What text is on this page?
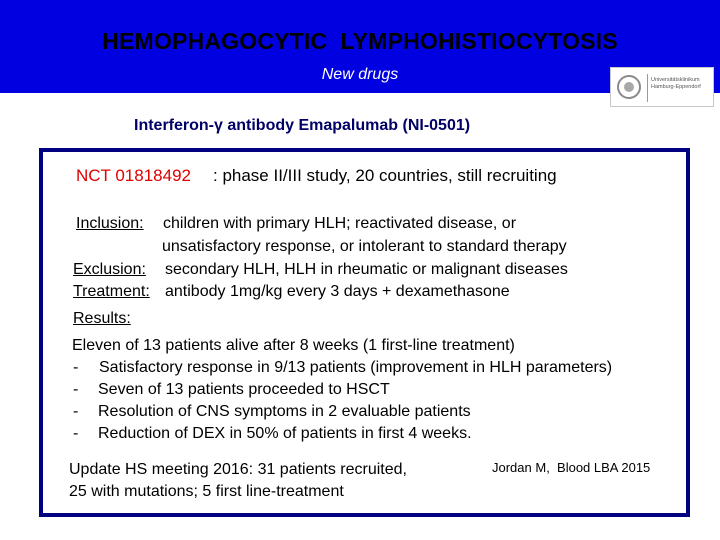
HEMOPHAGOCYTIC  LYMPHOHISTIOCYTOSIS
New drugs	Universitätsklinikum Hamburg-Eppendorf
Interferon-γ antibody Emapalumab (NI-0501)
NCT 01818492 : phase II/III study, 20 countries, still recruiting
Inclusion: children with primary HLH; reactivated disease, or
unsatisfactory response, or intolerant to standard therapy
Exclusion: secondary HLH, HLH in rheumatic or malignant diseases
Treatment: antibody 1mg/kg every 3 days + dexamethasone
Results:
Eleven of 13 patients alive after 8 weeks (1 first-line treatment)
- Satisfactory response in 9/13 patients (improvement in HLH parameters)
- Seven of 13 patients proceeded to HSCT
- Resolution of CNS symptoms in 2 evaluable patients
- Reduction of DEX in 50% of patients in first 4 weeks.
Update HS meeting 2016: 31 patients recruited,
25 with mutations; 5 first line-treatment
Jordan M,  Blood LBA 2015
